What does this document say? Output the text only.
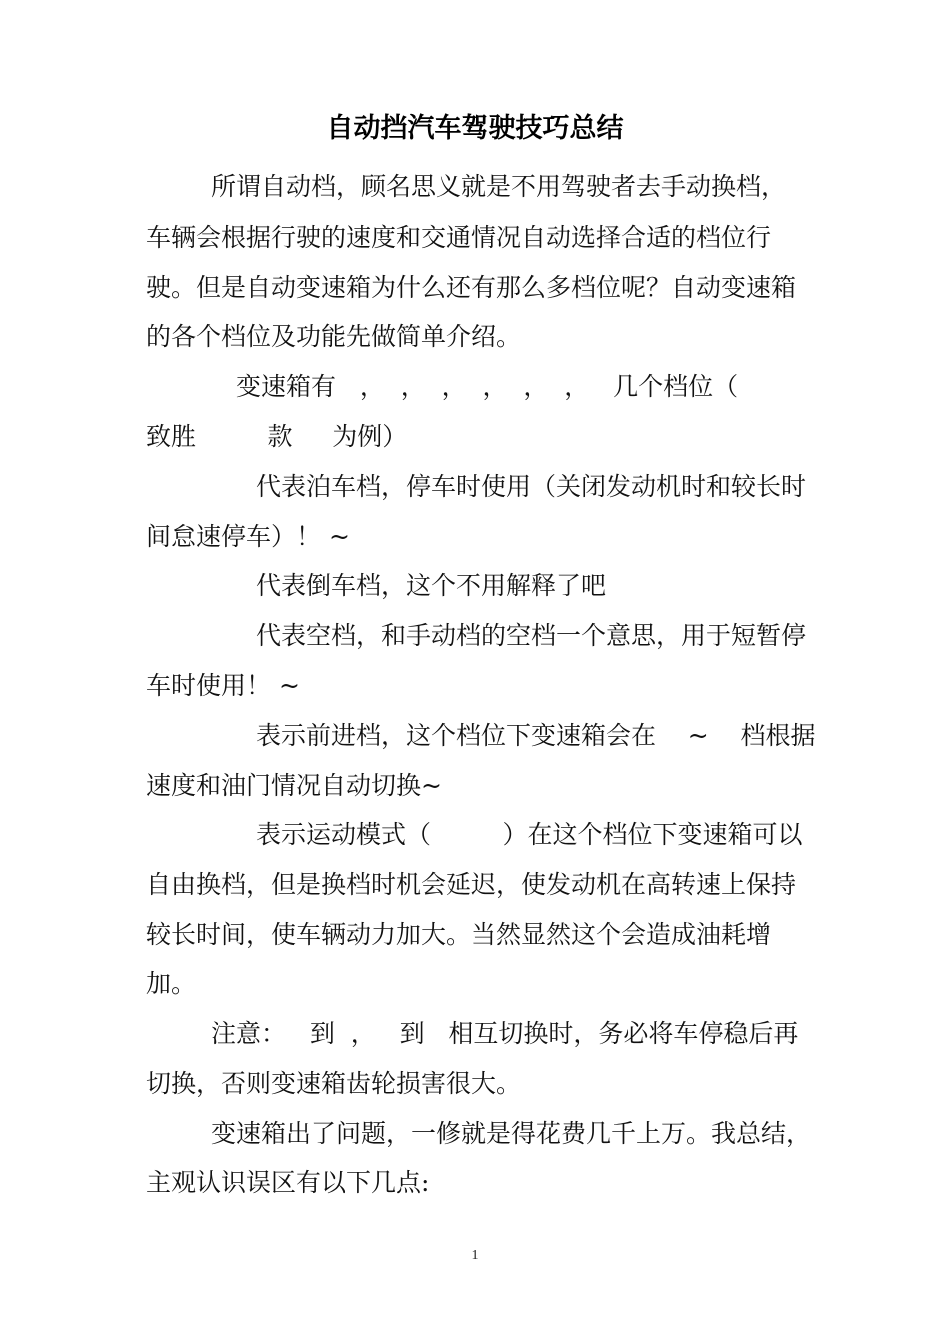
自动挡汽车驾驶技巧总结
所谓自动档，顾名思义就是不用驾驶者去手动换档，
车辆会根据行驶的速度和交通情况自动选择合适的档位行
驶。但是自动变速箱为什么还有那么多档位呢？自动变速箱
的各个档位及功能先做简单介绍。
变速箱有   ，  ，  ，  ，  ，  ，   几个档位（
致胜         款     为例）
代表泊车档，停车时使用（关闭发动机时和较长时
间怠速停车）！ ~
代表倒车档，这个不用解释了吧
代表空档，和手动档的空档一个意思，用于短暂停
车时使用！ ~
表示前进档，这个档位下变速箱会在    ~    档根据
速度和油门情况自动切换~
表示运动模式（         ）在这个档位下变速箱可以
自由换档，但是换档时机会延迟，使发动机在高转速上保持
较长时间，使车辆动力加大。当然显然这个会造成油耗增
加。
注意：   到  ，   到   相互切换时，务必将车停稳后再
切换，否则变速箱齿轮损害很大。
变速箱出了问题，一修就是得花费几千上万。我总结，
主观认识误区有以下几点:
1
